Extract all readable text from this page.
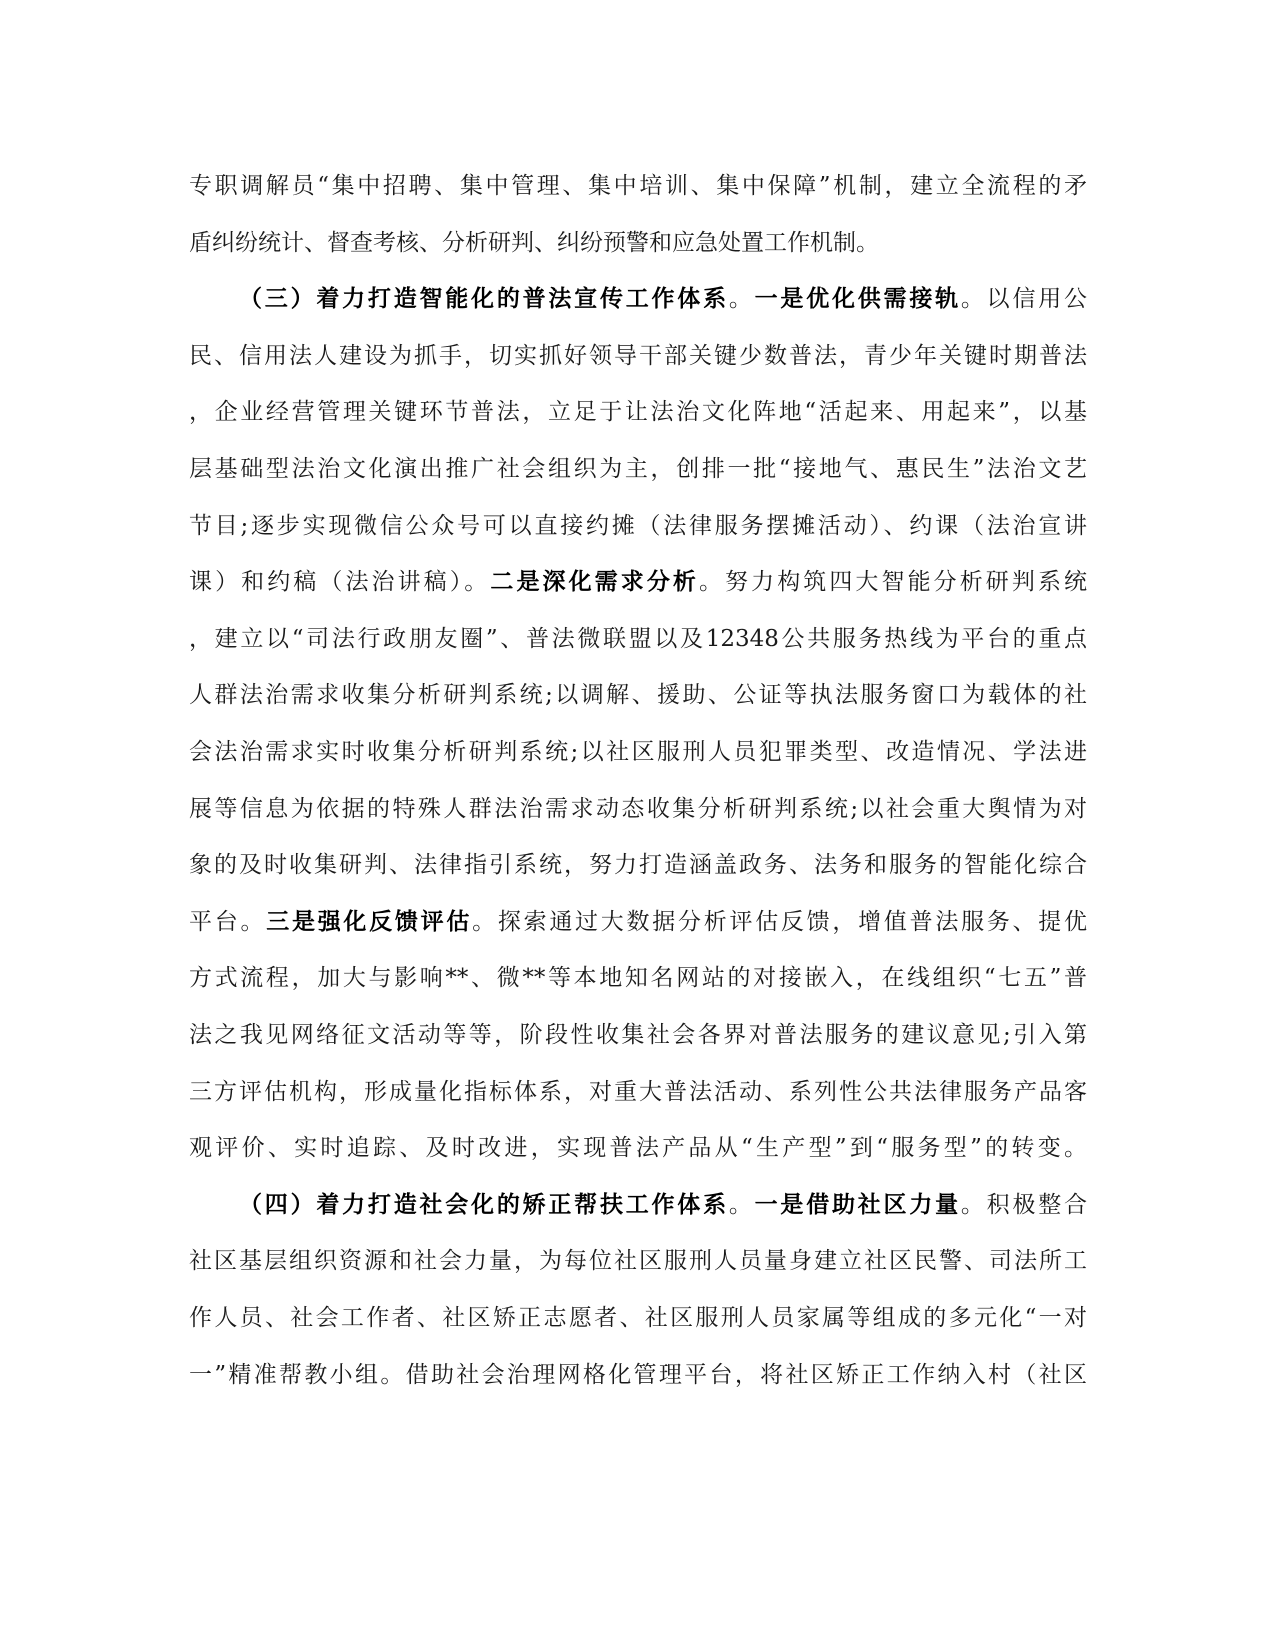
专职调解员“集中招聘、集中管理、集中培训、集中保障”机制，建立全流程的矛
盾纠纷统计、督查考核、分析研判、纠纷预警和应急处置工作机制。
（三）着力打造智能化的普法宣传工作体系。一是优化供需接轨。以信用公
民、信用法人建设为抓手，切实抓好领导干部关键少数普法，青少年关键时期普法
，企业经营管理关键环节普法，立足于让法治文化阵地“活起来、用起来”，以基
层基础型法治文化演出推广社会组织为主，创排一批“接地气、惠民生”法治文艺
节目;逐步实现微信公众号可以直接约摊（法律服务摆摊活动）、约课（法治宣讲
课）和约稿（法治讲稿）。二是深化需求分析。努力构筑四大智能分析研判系统
，建立以“司法行政朋友圈”、普法微联盟以及12348公共服务热线为平台的重点
人群法治需求收集分析研判系统;以调解、援助、公证等执法服务窗口为载体的社
会法治需求实时收集分析研判系统;以社区服刑人员犯罪类型、改造情况、学法进
展等信息为依据的特殊人群法治需求动态收集分析研判系统;以社会重大舆情为对
象的及时收集研判、法律指引系统，努力打造涵盖政务、法务和服务的智能化综合
平台。三是强化反馈评估。探索通过大数据分析评估反馈，增值普法服务、提优
方式流程，加大与影响**、微**等本地知名网站的对接嵌入，在线组织“七五”普
法之我见网络征文活动等等，阶段性收集社会各界对普法服务的建议意见;引入第
三方评估机构，形成量化指标体系，对重大普法活动、系列性公共法律服务产品客
观评价、实时追踪、及时改进，实现普法产品从“生产型”到“服务型”的转变。
（四）着力打造社会化的矫正帮扶工作体系。一是借助社区力量。积极整合
社区基层组织资源和社会力量，为每位社区服刑人员量身建立社区民警、司法所工
作人员、社会工作者、社区矫正志愿者、社区服刑人员家属等组成的多元化“一对
一”精准帮教小组。借助社会治理网格化管理平台，将社区矫正工作纳入村（社区
